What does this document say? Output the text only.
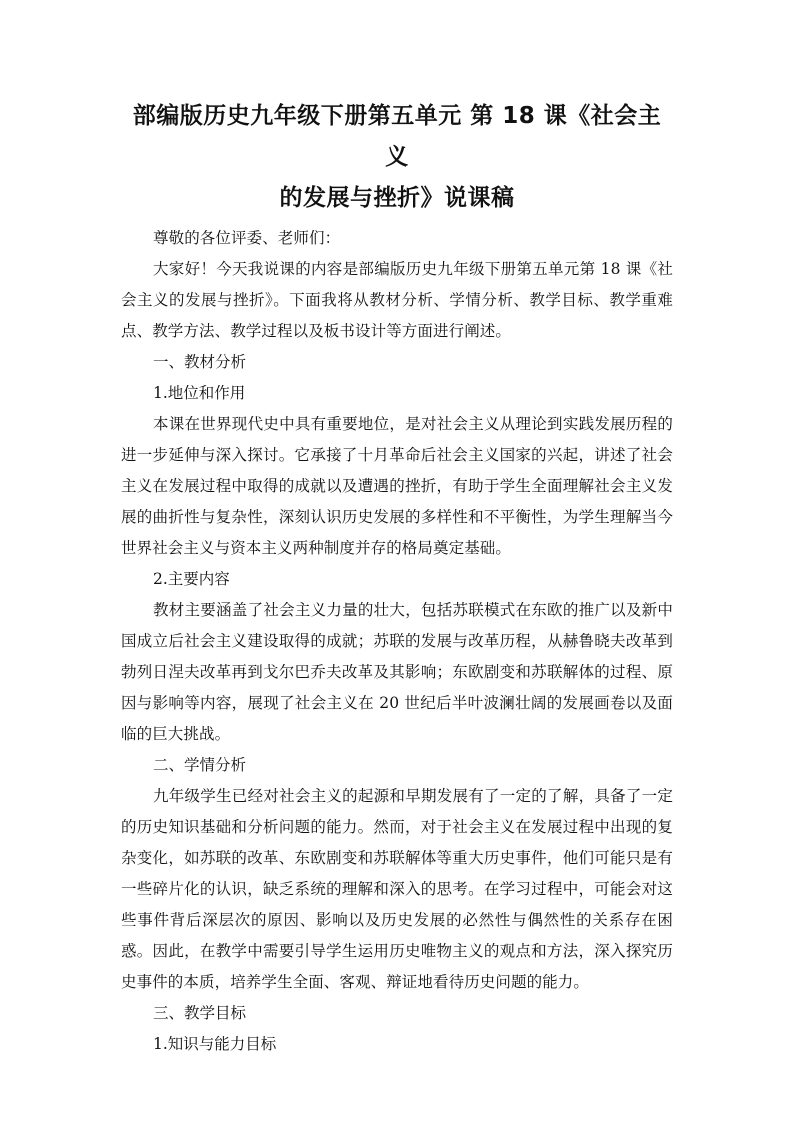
部编版历史九年级下册第五单元 第 18 课《社会主义
的发展与挫折》说课稿

尊敬的各位评委、老师们：

大家好！今天我说课的内容是部编版历史九年级下册第五单元第 18 课《社会主义的发展与挫折》。下面我将从教材分析、学情分析、教学目标、教学重难点、教学方法、教学过程以及板书设计等方面进行阐述。

一、教材分析

1.地位和作用

本课在世界现代史中具有重要地位，是对社会主义从理论到实践发展历程的进一步延伸与深入探讨。它承接了十月革命后社会主义国家的兴起，讲述了社会主义在发展过程中取得的成就以及遭遇的挫折，有助于学生全面理解社会主义发展的曲折性与复杂性，深刻认识历史发展的多样性和不平衡性，为学生理解当今世界社会主义与资本主义两种制度并存的格局奠定基础。

2.主要内容

教材主要涵盖了社会主义力量的壮大，包括苏联模式在东欧的推广以及新中国成立后社会主义建设取得的成就；苏联的发展与改革历程，从赫鲁晓夫改革到勃列日涅夫改革再到戈尔巴乔夫改革及其影响；东欧剧变和苏联解体的过程、原因与影响等内容，展现了社会主义在 20 世纪后半叶波澜壮阔的发展画卷以及面临的巨大挑战。

二、学情分析

九年级学生已经对社会主义的起源和早期发展有了一定的了解，具备了一定的历史知识基础和分析问题的能力。然而，对于社会主义在发展过程中出现的复杂变化，如苏联的改革、东欧剧变和苏联解体等重大历史事件，他们可能只是有一些碎片化的认识，缺乏系统的理解和深入的思考。在学习过程中，可能会对这些事件背后深层次的原因、影响以及历史发展的必然性与偶然性的关系存在困惑。因此，在教学中需要引导学生运用历史唯物主义的观点和方法，深入探究历史事件的本质，培养学生全面、客观、辩证地看待历史问题的能力。

三、教学目标

1.知识与能力目标
